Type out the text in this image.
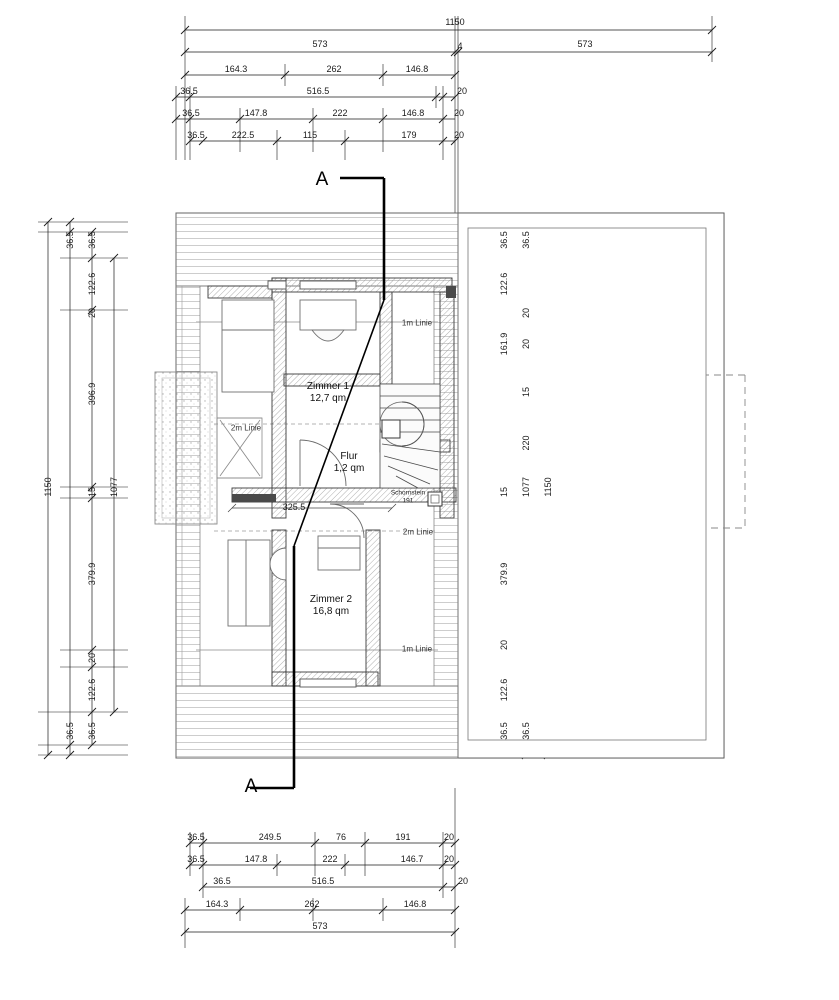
1150
573	4	573
164.3	262	146.8
36.5	516.5	20
36.5	147.8	222	146.8	20
36.5	222.5	115	179	20
A
A
1150
36.5 36.5
122.6
20
396.9
15
379.9
20
122.6
36.5
36.5
1077
36.5 36.5
122.6
20
161.9 20
15
220
15
379.9
20
122.6
36.5 36.5
1077 1150
Zimmer 1
12,7 qm
Flur
1,2 qm
Zimmer 2
16,8 qm
1m Linie
2m Linie
2m Linie
1m Linie
325.5
Schornstein
191
36.5	249.5	76	191	20
36.5	147.8	222	146.7 20
36.5	516.5	20
164.3	262	146.8
573
